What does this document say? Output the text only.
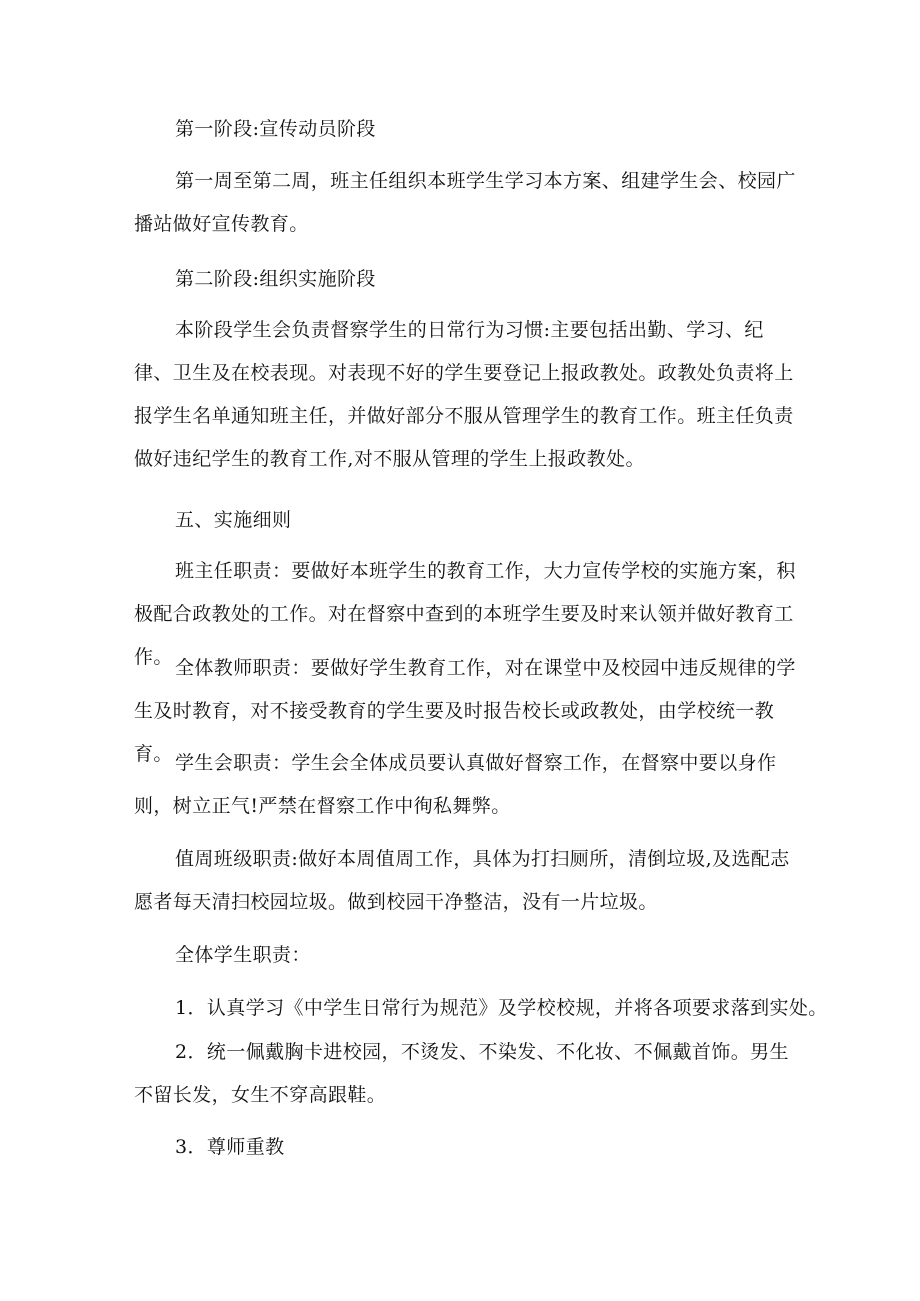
第一阶段:宣传动员阶段

第一周至第二周，班主任组织本班学生学习本方案、组建学生会、校园广播站做好宣传教育。

第二阶段:组织实施阶段

本阶段学生会负责督察学生的日常行为习惯:主要包括出勤、学习、纪律、卫生及在校表现。对表现不好的学生要登记上报政教处。政教处负责将上报学生名单通知班主任，并做好部分不服从管理学生的教育工作。班主任负责做好违纪学生的教育工作,对不服从管理的学生上报政教处。

五、实施细则

班主任职责：要做好本班学生的教育工作，大力宣传学校的实施方案，积极配合政教处的工作。对在督察中查到的本班学生要及时来认领并做好教育工作。 全体教师职责：要做好学生教育工作，对在课堂中及校园中违反规律的学生及时教育，对不接受教育的学生要及时报告校长或政教处，由学校统一教育。 学生会职责：学生会全体成员要认真做好督察工作，在督察中要以身作则，树立正气!严禁在督察工作中徇私舞弊。

值周班级职责:做好本周值周工作，具体为打扫厕所，清倒垃圾,及选配志愿者每天清扫校园垃圾。做到校园干净整洁，没有一片垃圾。

全体学生职责：

1．认真学习《中学生日常行为规范》及学校校规，并将各项要求落到实处。

2．统一佩戴胸卡进校园，不烫发、不染发、不化妆、不佩戴首饰。男生不留长发，女生不穿高跟鞋。

3．尊师重教
